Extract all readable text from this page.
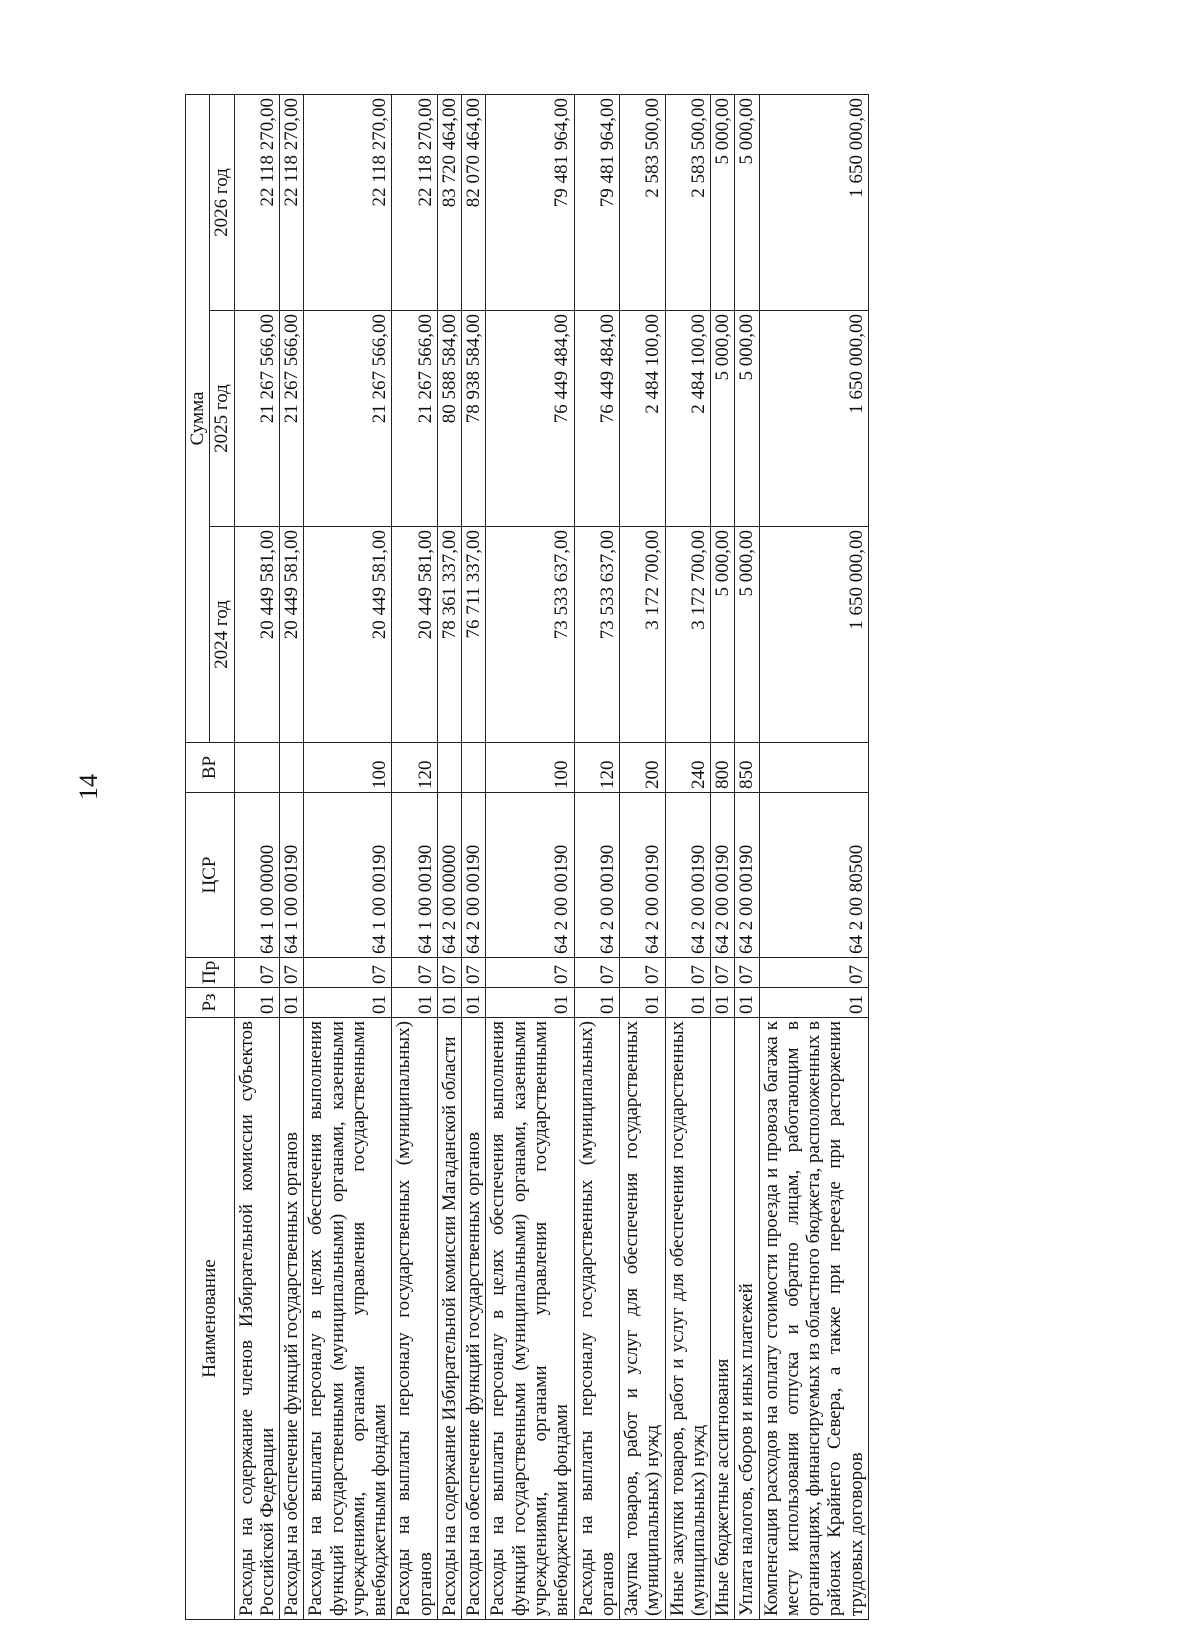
14
Наименование	Рз	Пр	ЦСР	ВР	Сумма		
					2024 год	2025 год	2026 год
Расходы на содержание членов Избирательной комиссии субъектов Российской Федерации	01	07	64 1 00 00000		20 449 581,00	21 267 566,00	22 118 270,00
Расходы на обеспечение функций государственных органов	01	07	64 1 00 00190		20 449 581,00	21 267 566,00	22 118 270,00
Расходы на выплаты персоналу в целях обеспечения выполнения функций государственными (муниципальными) органами, казенными учреждениями, органами управления государственными внебюджетными фондами	01	07	64 1 00 00190	100	20 449 581,00	21 267 566,00	22 118 270,00
Расходы на выплаты персоналу государственных (муниципальных) органов	01	07	64 1 00 00190	120	20 449 581,00	21 267 566,00	22 118 270,00
Расходы на содержание Избирательной комиссии Магаданской области	01	07	64 2 00 00000		78 361 337,00	80 588 584,00	83 720 464,00
Расходы на обеспечение функций государственных органов	01	07	64 2 00 00190		76 711 337,00	78 938 584,00	82 070 464,00
Расходы на выплаты персоналу в целях обеспечения выполнения функций государственными (муниципальными) органами, казенными учреждениями, органами управления государственными внебюджетными фондами	01	07	64 2 00 00190	100	73 533 637,00	76 449 484,00	79 481 964,00
Расходы на выплаты персоналу государственных (муниципальных) органов	01	07	64 2 00 00190	120	73 533 637,00	76 449 484,00	79 481 964,00
Закупка товаров, работ и услуг для обеспечения государственных (муниципальных) нужд	01	07	64 2 00 00190	200	3 172 700,00	2 484 100,00	2 583 500,00
Иные закупки товаров, работ и услуг для обеспечения государственных (муниципальных) нужд	01	07	64 2 00 00190	240	3 172 700,00	2 484 100,00	2 583 500,00
Иные бюджетные ассигнования	01	07	64 2 00 00190	800	5 000,00	5 000,00	5 000,00
Уплата налогов, сборов и иных платежей	01	07	64 2 00 00190	850	5 000,00	5 000,00	5 000,00
Компенсация расходов на оплату стоимости проезда и провоза багажа к месту использования отпуска и обратно лицам, работающим в организациях, финансируемых из областного бюджета, расположенных в районах Крайнего Севера, а также при переезде при расторжении трудовых договоров	01	07	64 2 00 80500		1 650 000,00	1 650 000,00	1 650 000,00
